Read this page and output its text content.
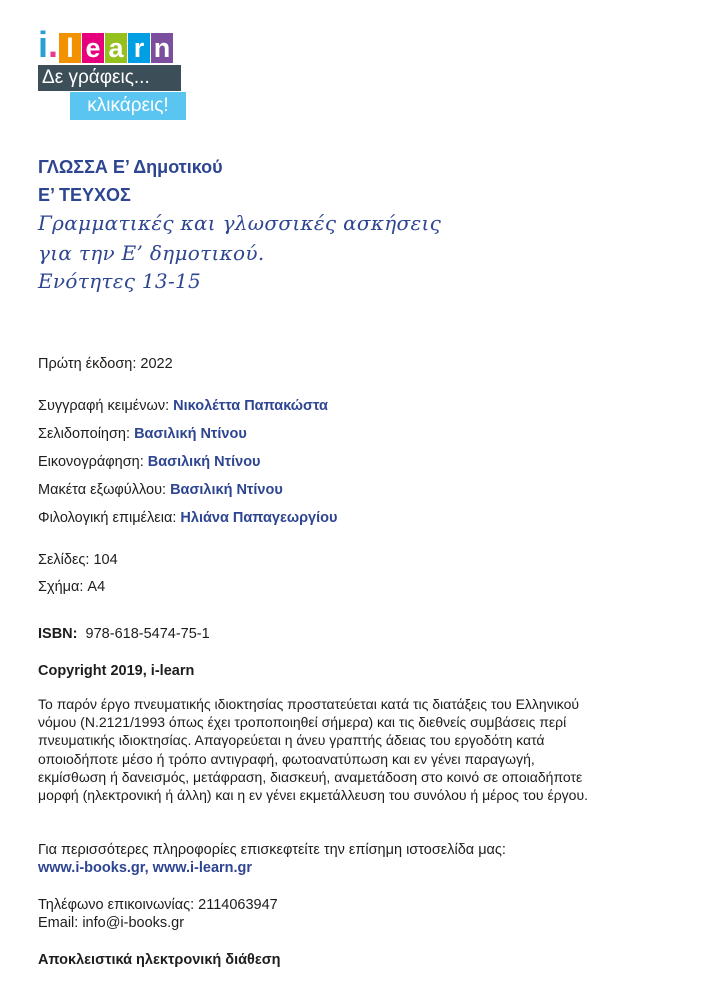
i . l e a r n
Δε γράφεις...
κλικάρεις!
ΓΛΩΣΣΑ Ε’ Δημοτικού
Ε’ ΤΕΥΧΟΣ
Γραμματικές και γλωσσικές ασκήσεις
για την Ε’ δημοτικού.
Ενότητες 13-15
Πρώτη έκδοση: 2022
Συγγραφή κειμένων: Νικολέττα Παπακώστα
Σελιδοποίηση: Βασιλική Ντίνου
Εικονογράφηση: Βασιλική Ντίνου
Μακέτα εξωφύλλου: Βασιλική Ντίνου
Φιλολογική επιμέλεια: Ηλιάνα Παπαγεωργίου
Σελίδες: 104
Σχήμα: A4
ISBN: 978-618-5474-75-1
Copyright 2019, i-learn
Το παρόν έργο πνευματικής ιδιοκτησίας προστατεύεται κατά τις διατάξεις του Ελληνικού
νόμου (Ν.2121/1993 όπως έχει τροποποιηθεί σήμερα) και τις διεθνείς συμβάσεις περί
πνευματικής ιδιοκτησίας. Απαγορεύεται η άνευ γραπτής άδειας του εργοδότη κατά
οποιοδήποτε μέσο ή τρόπο αντιγραφή, φωτοανατύπωση και εν γένει παραγωγή,
εκμίσθωση ή δανεισμός, μετάφραση, διασκευή, αναμετάδοση στο κοινό σε οποιαδήποτε
μορφή (ηλεκτρονική ή άλλη) και η εν γένει εκμετάλλευση του συνόλου ή μέρος του έργου.
Για περισσότερες πληροφορίες επισκεφτείτε την επίσημη ιστοσελίδα μας:
www.i-books.gr, www.i-learn.gr
Τηλέφωνο επικοινωνίας: 2114063947
Email: info@i-books.gr
Αποκλειστικά ηλεκτρονική διάθεση
